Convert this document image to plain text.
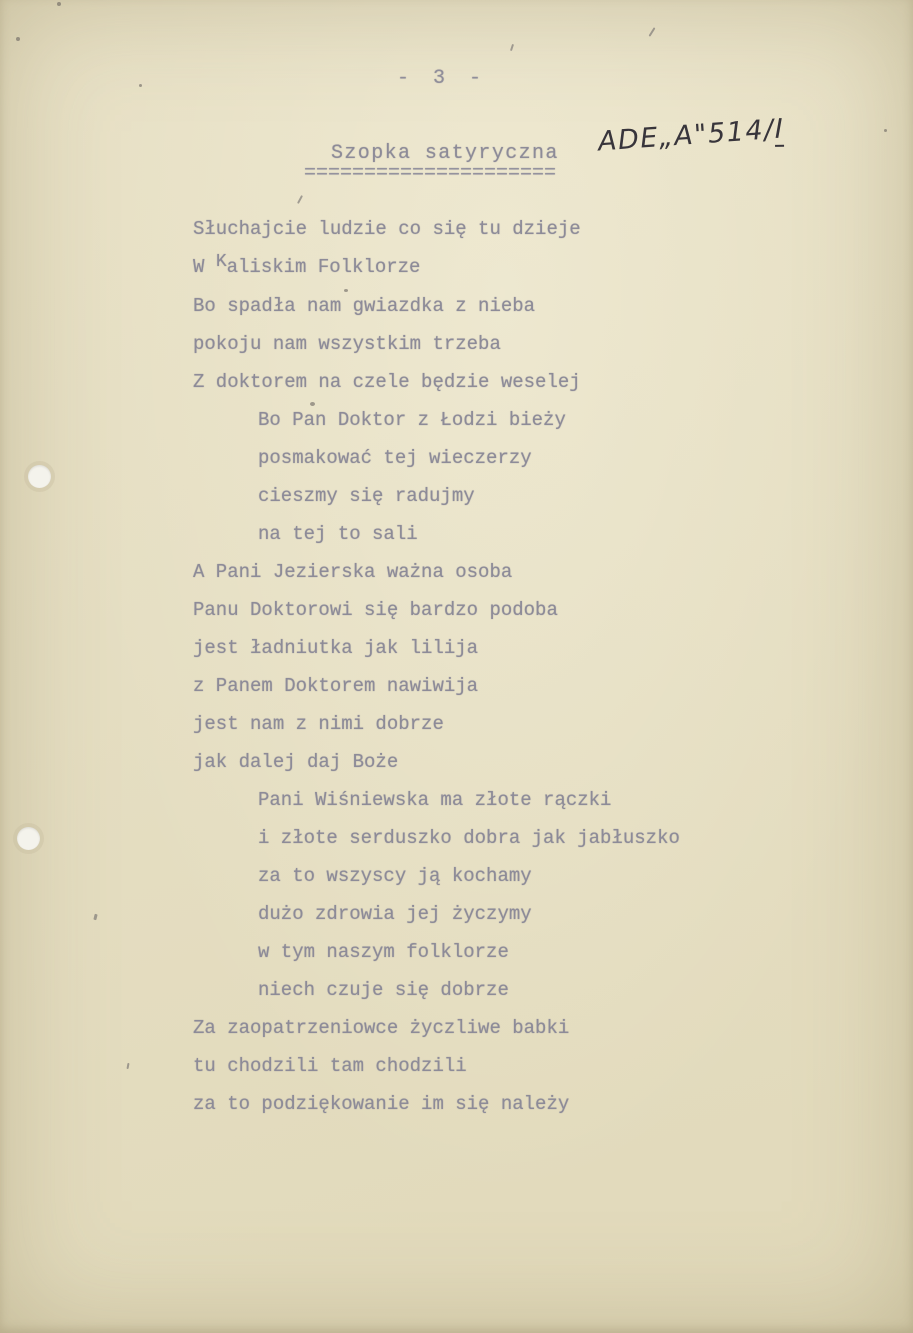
- 3 -
Szopka satyryczna
=====================
ADE„A"514/I
Słuchajcie ludzie co się tu dzieje
W Kaliskim Folklorze
Bo spadła nam gwiazdka z nieba
pokoju nam wszystkim trzeba
Z doktorem na czele będzie weselej
Bo Pan Doktor z Łodzi bieży
posmakować tej wieczerzy
cieszmy się radujmy
na tej to sali
A Pani Jezierska ważna osoba
Panu Doktorowi się bardzo podoba
jest ładniutka jak lilija
z Panem Doktorem nawiwija
jest nam z nimi dobrze
jak dalej daj Boże
Pani Wiśniewska ma złote rączki
i złote serduszko dobra jak jabłuszko
za to wszyscy ją kochamy
dużo zdrowia jej życzymy
w tym naszym folklorze
niech czuje się dobrze
Za zaopatrzeniowce życzliwe babki
tu chodzili tam chodzili
za to podziękowanie im się należy
